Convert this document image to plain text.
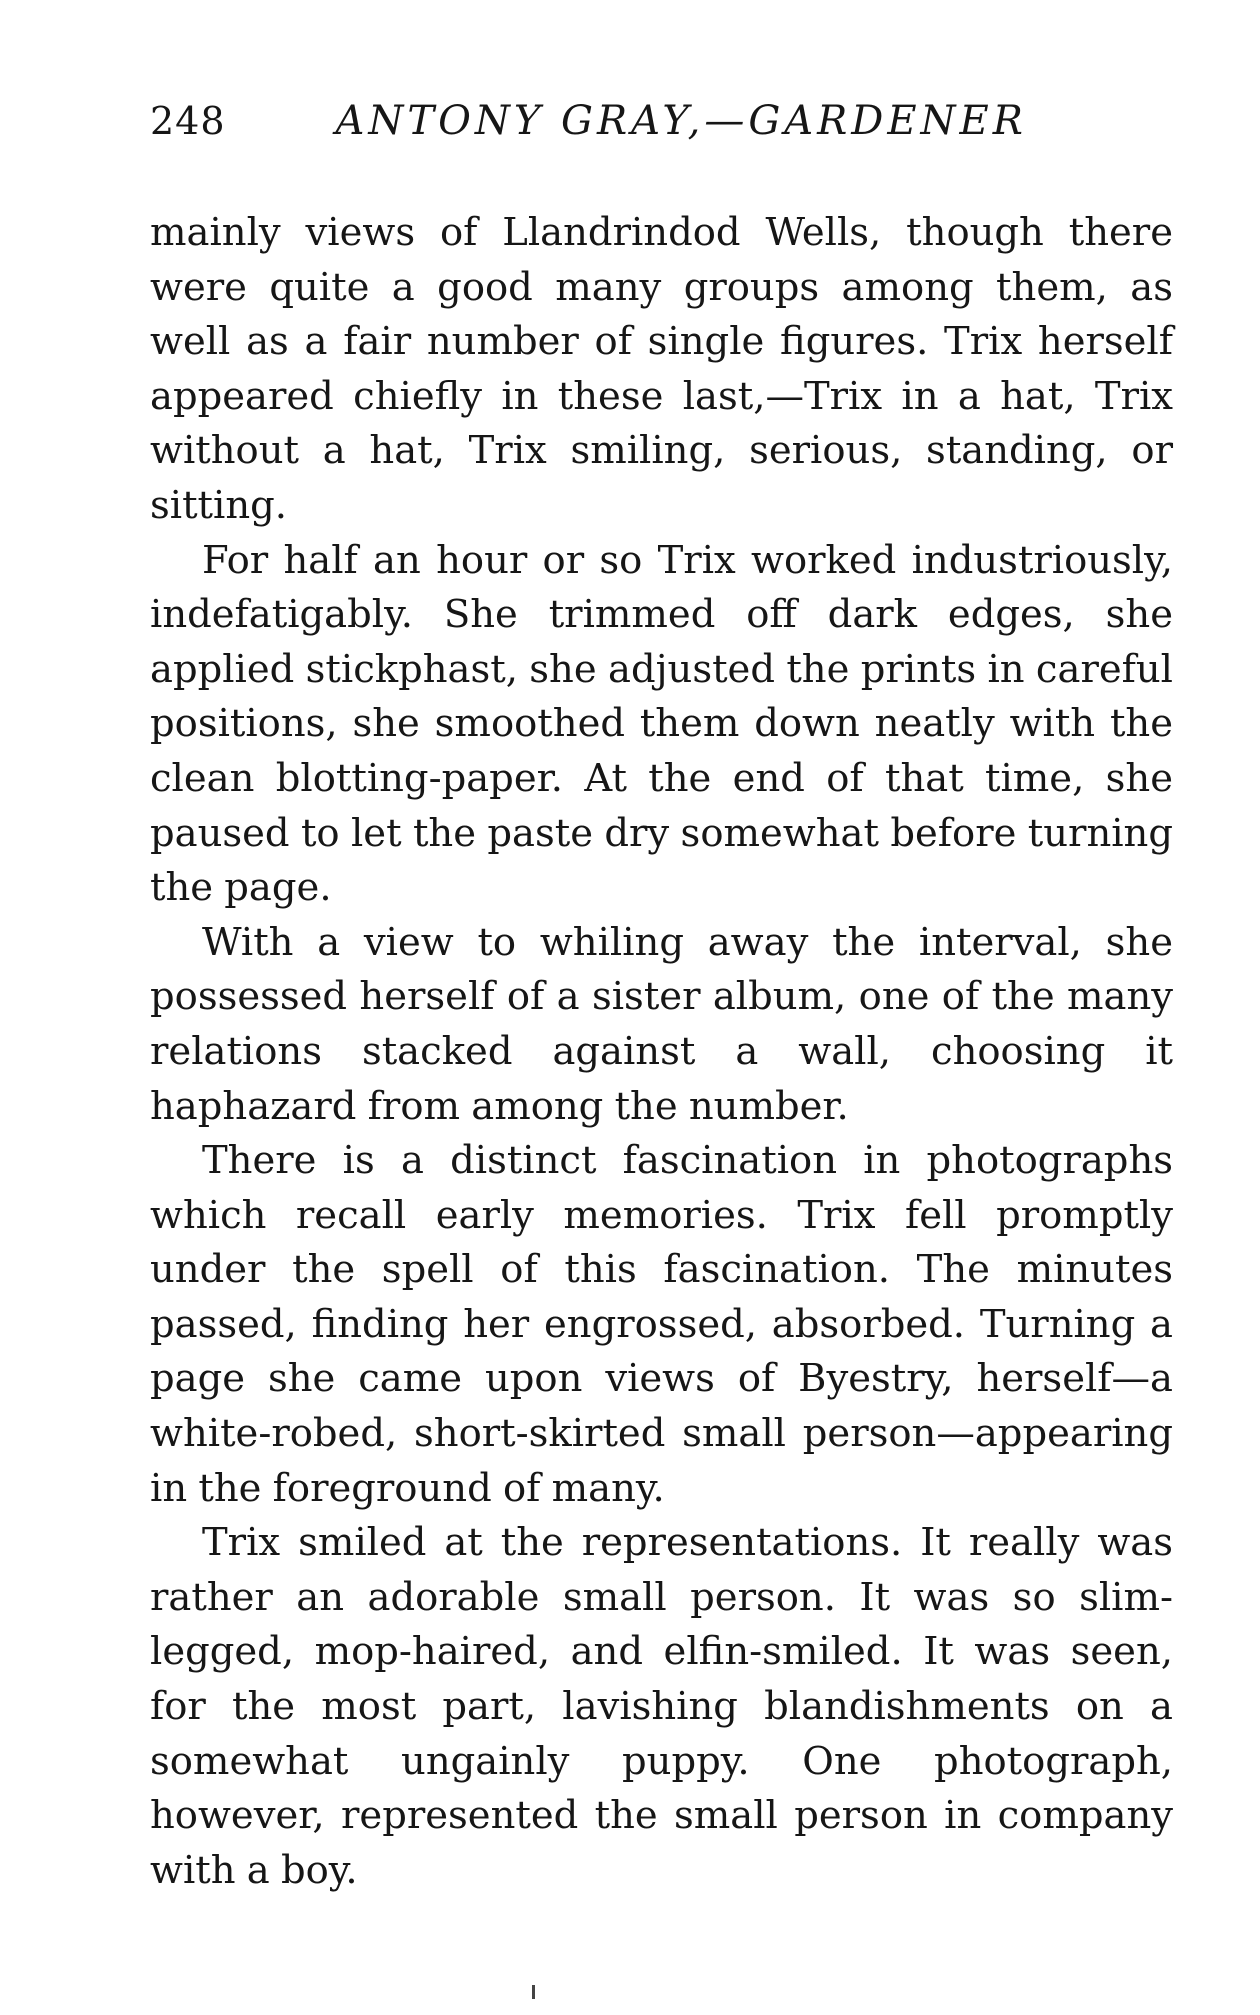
248	ANTONY GRAY,—GARDENER

mainly views of Llandrindod Wells, though there were quite a good many groups among them, as well as a fair number of single figures. Trix herself appeared chiefly in these last,—Trix in a hat, Trix without a hat, Trix smiling, serious, standing, or sitting.

For half an hour or so Trix worked industriously, indefatigably. She trimmed off dark edges, she applied stickphast, she adjusted the prints in careful positions, she smoothed them down neatly with the clean blotting-paper. At the end of that time, she paused to let the paste dry somewhat before turning the page.

With a view to whiling away the interval, she possessed herself of a sister album, one of the many relations stacked against a wall, choosing it haphazard from among the number.

There is a distinct fascination in photographs which recall early memories. Trix fell promptly under the spell of this fascination. The minutes passed, finding her engrossed, absorbed. Turning a page she came upon views of Byestry, herself—a white-robed, short-skirted small person—appearing in the foreground of many.

Trix smiled at the representations. It really was rather an adorable small person. It was so slim-legged, mop-haired, and elfin-smiled. It was seen, for the most part, lavishing blandishments on a somewhat ungainly puppy. One photograph, however, represented the small person in company with a boy.
